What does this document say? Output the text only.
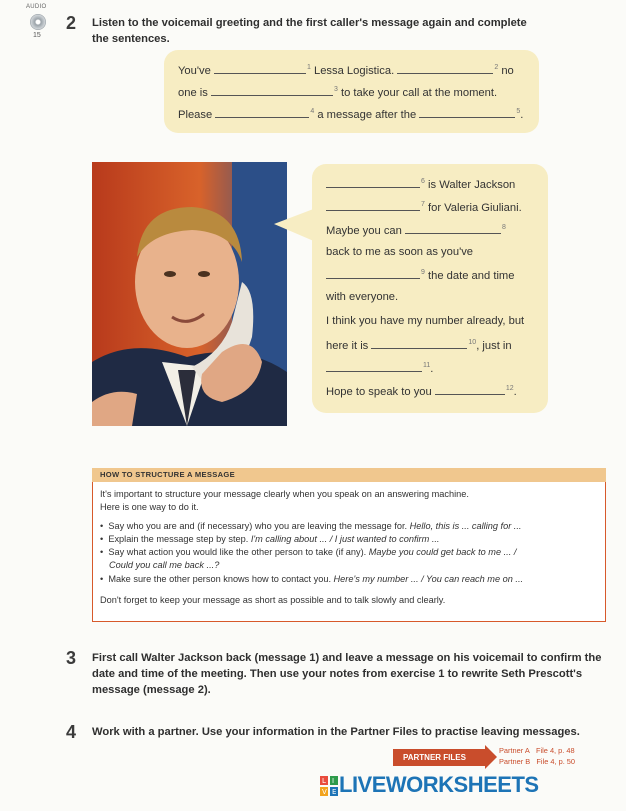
AUDIO
15
2 Listen to the voicemail greeting and the first caller's message again and complete
the sentences.
You've	$^1$ Lessa Logistica.	$^2$ no
one is	$^3$ to take your call at the moment.
Please	$^4$ a message after the	$^5$.
$^6$ is Walter Jackson
$^7$ for Valeria Giuliani.
Maybe you can	$^8$
back to me as soon as you've
$^9$ the date and time
with everyone.
I think you have my number already, but
here it is	$^{10}$, just in
$^{11}$.
Hope to speak to you	$^{12}$.
HOW TO STRUCTURE A MESSAGE
It's important to structure your message clearly when you speak on an answering machine.
Here is one way to do it.
•  Say who you are and (if necessary) who you are leaving the message for. Hello, this is ... calling for ...
•  Explain the message step by step. I'm calling about ... / I just wanted to confirm ...
•  Say what action you would like the other person to take (if any). Maybe you could get back to me ... /
Could you call me back ...?
•  Make sure the other person knows how to contact you. Here's my number ... / You can reach me on ...
Don't forget to keep your message as short as possible and to talk slowly and clearly.
3 First call Walter Jackson back (message 1) and leave a message on his voicemail to confirm the
date and time of the meeting. Then use your notes from exercise 1 to rewrite Seth Prescott's
message (message 2).
4 Work with a partner. Use your information in the Partner Files to practise leaving messages.
PARTNER FILES
Partner A File 4, p. 48
Partner B File 4, p. 50
L I
V E LIVEWORKSHEETS
